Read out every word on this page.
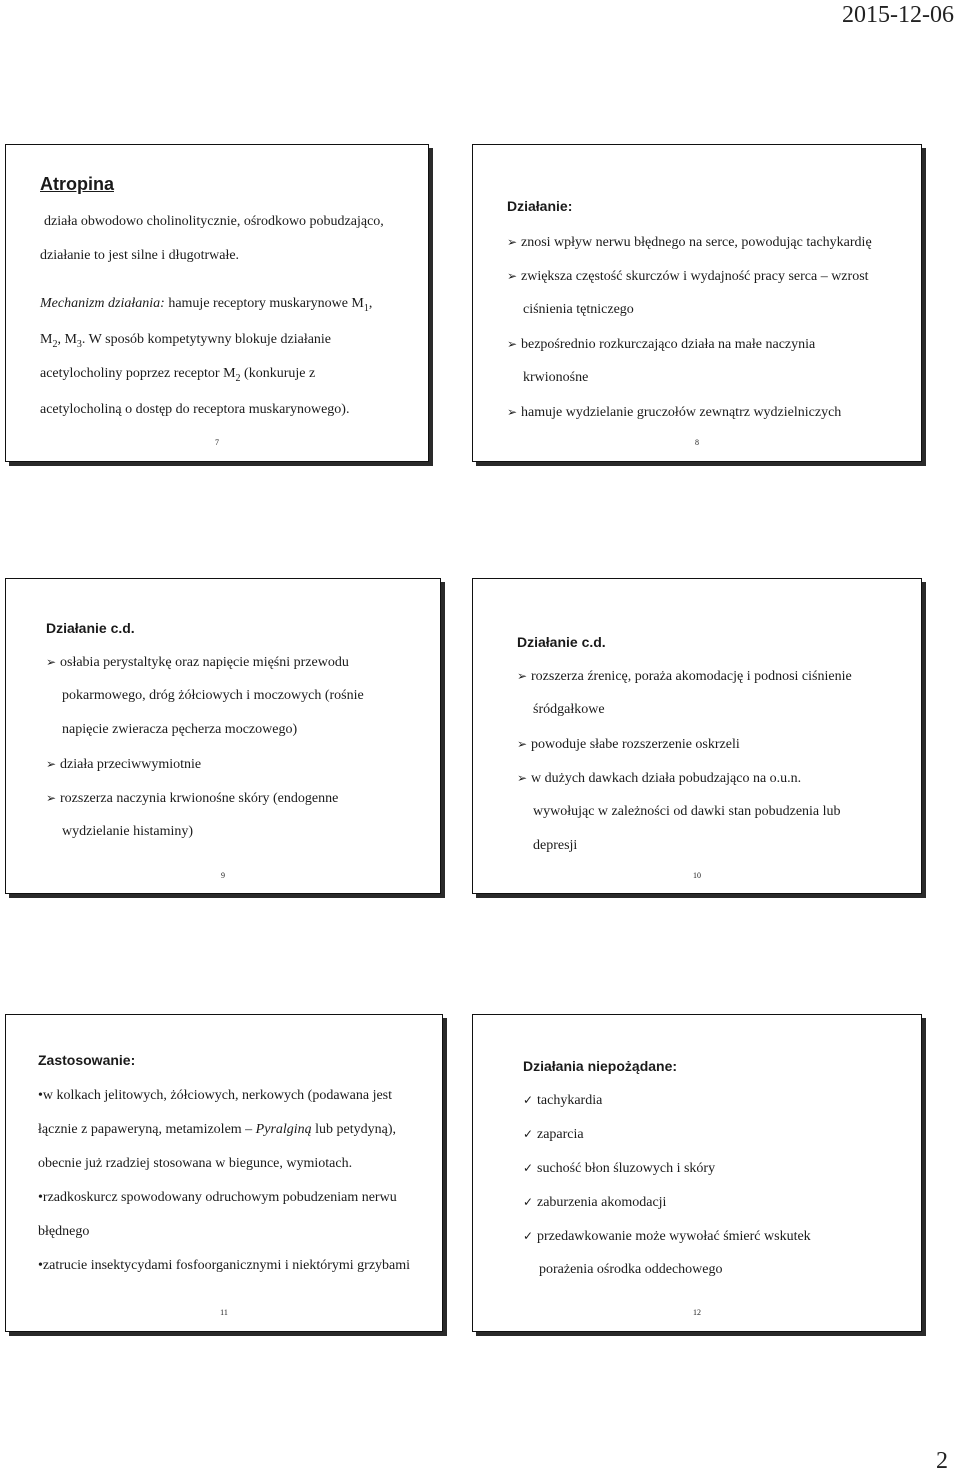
2015-12-06
Atropina
działa obwodowo cholinolitycznie, ośrodkowo pobudzająco,
działanie to jest silne i długotrwałe.
Mechanizm działania: hamuje receptory muskarynowe $M_1$,
$M_2$, $M_3$. W sposób kompetytywny blokuje działanie
acetylocholiny poprzez receptor $M_2$ (konkuruje z
acetylocholiną o dostęp do receptora muskarynowego).
7
Działanie:
➢ znosi wpływ nerwu błędnego na serce, powodując tachykardię
➢ zwiększa częstość skurczów i wydajność pracy serca – wzrost
ciśnienia tętniczego
➢ bezpośrednio rozkurczająco działa na małe naczynia
krwionośne
➢ hamuje wydzielanie gruczołów zewnątrz wydzielniczych
8
Działanie c.d.
➢ osłabia perystaltykę oraz napięcie mięśni przewodu
pokarmowego, dróg żółciowych i moczowych (rośnie
napięcie zwieracza pęcherza moczowego)
➢ działa przeciwwymiotnie
➢ rozszerza naczynia krwionośne skóry (endogenne
wydzielanie histaminy)
9
Działanie c.d.
➢ rozszerza źrenicę, poraża akomodację i podnosi ciśnienie
śródgałkowe
➢ powoduje słabe rozszerzenie oskrzeli
➢ w dużych dawkach działa pobudzająco na o.u.n.
wywołując w zależności od dawki stan pobudzenia lub
depresji
10
Zastosowanie:
•w kolkach jelitowych, żółciowych, nerkowych (podawana jest
łącznie z papaweryną, metamizolem – Pyralginą lub petydyną),
obecnie już rzadziej stosowana w biegunce, wymiotach.
•rzadkoskurcz spowodowany odruchowym pobudzeniam nerwu
błędnego
•zatrucie insektycydami fosfoorganicznymi i niektórymi grzybami
11
Działania niepożądane:
✓ tachykardia
✓ zaparcia
✓ suchość błon śluzowych i skóry
✓ zaburzenia akomodacji
✓ przedawkowanie może wywołać śmierć wskutek
porażenia ośrodka oddechowego
12
2
